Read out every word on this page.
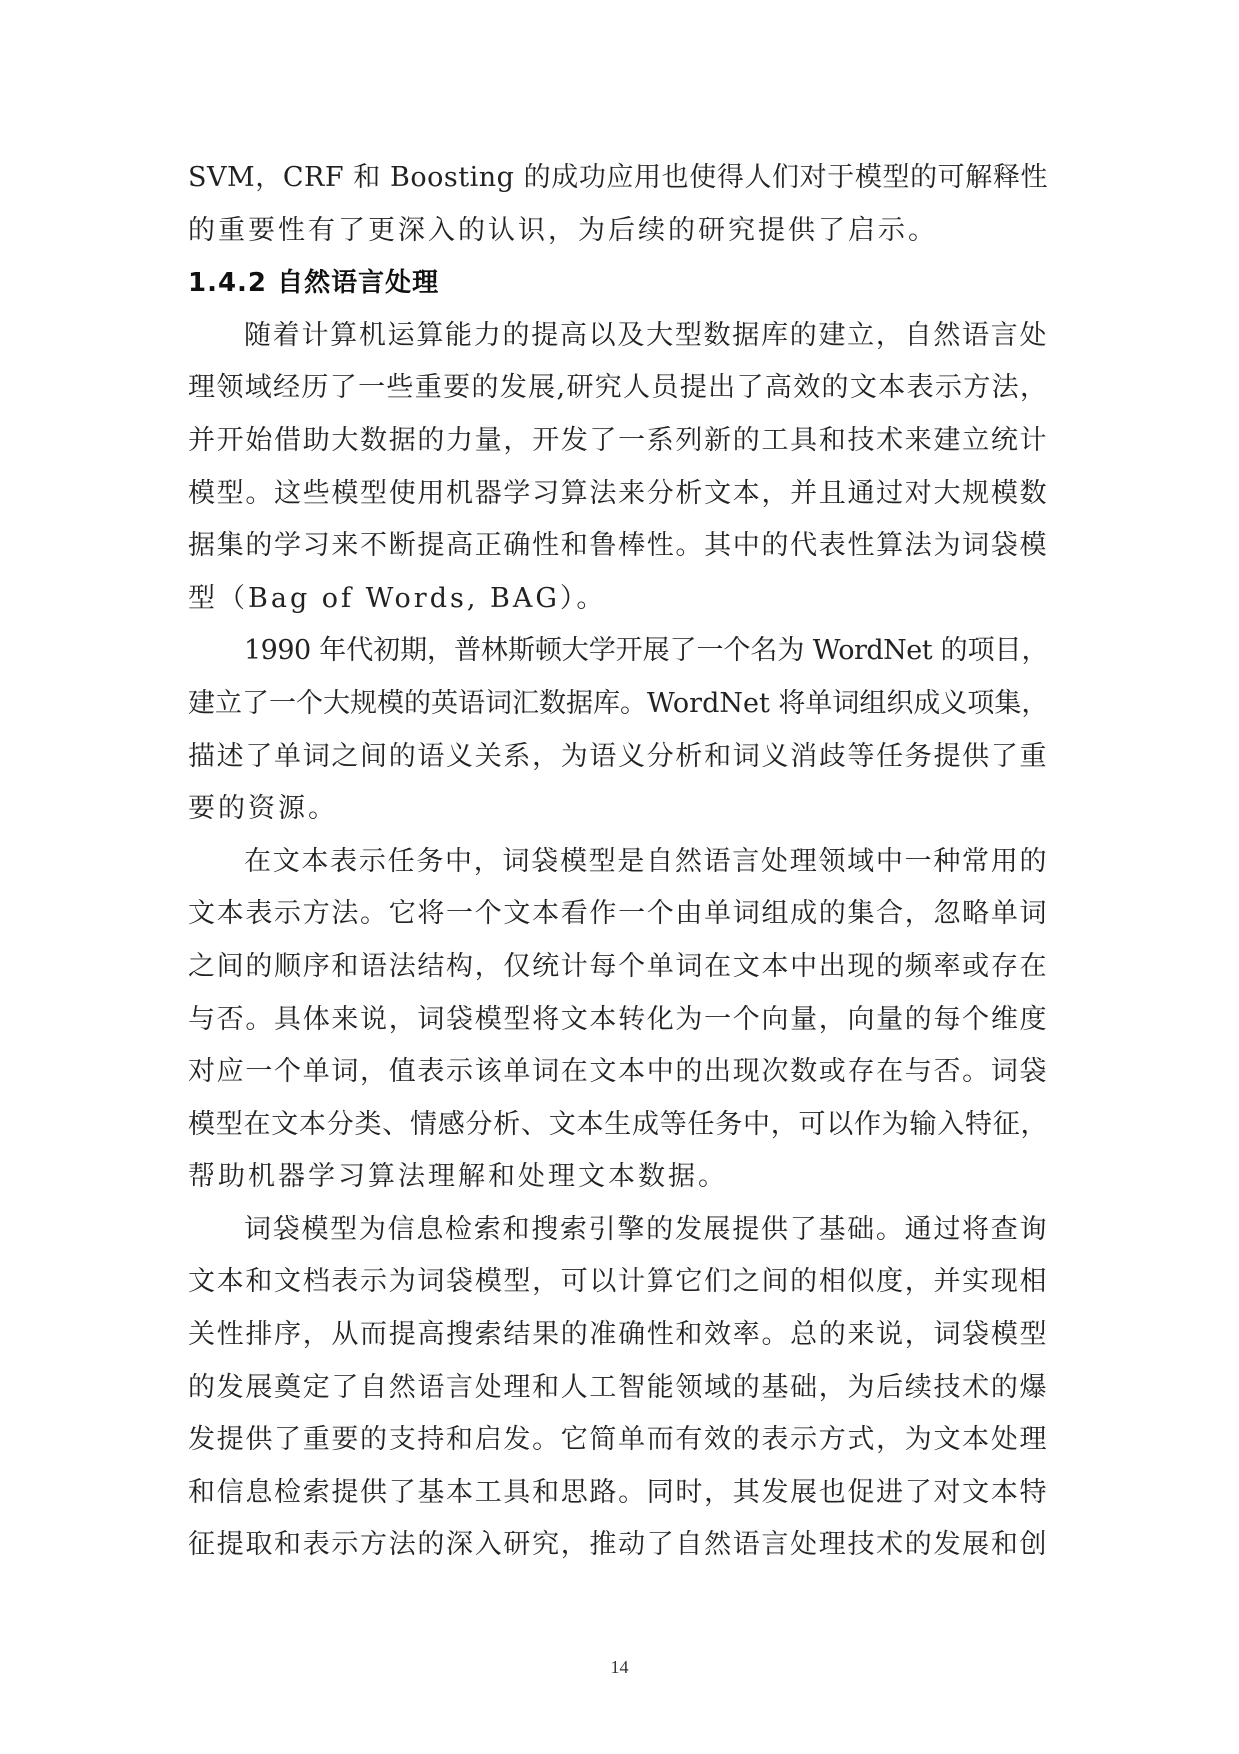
SVM，CRF 和 Boosting 的成功应用也使得人们对于模型的可解释性
的重要性有了更深入的认识，为后续的研究提供了启示。
1.4.2 自然语言处理
随着计算机运算能力的提高以及大型数据库的建立，自然语言处
理领域经历了一些重要的发展,研究人员提出了高效的文本表示方法，
并开始借助大数据的力量，开发了一系列新的工具和技术来建立统计
模型。这些模型使用机器学习算法来分析文本，并且通过对大规模数
据集的学习来不断提高正确性和鲁棒性。其中的代表性算法为词袋模
型（Bag of Words, BAG）。
1990 年代初期，普林斯顿大学开展了一个名为 WordNet 的项目，
建立了一个大规模的英语词汇数据库。WordNet 将单词组织成义项集，
描述了单词之间的语义关系，为语义分析和词义消歧等任务提供了重
要的资源。
在文本表示任务中，词袋模型是自然语言处理领域中一种常用的
文本表示方法。它将一个文本看作一个由单词组成的集合，忽略单词
之间的顺序和语法结构，仅统计每个单词在文本中出现的频率或存在
与否。具体来说，词袋模型将文本转化为一个向量，向量的每个维度
对应一个单词，值表示该单词在文本中的出现次数或存在与否。词袋
模型在文本分类、情感分析、文本生成等任务中，可以作为输入特征，
帮助机器学习算法理解和处理文本数据。
词袋模型为信息检索和搜索引擎的发展提供了基础。通过将查询
文本和文档表示为词袋模型，可以计算它们之间的相似度，并实现相
关性排序，从而提高搜索结果的准确性和效率。总的来说，词袋模型
的发展奠定了自然语言处理和人工智能领域的基础，为后续技术的爆
发提供了重要的支持和启发。它简单而有效的表示方式，为文本处理
和信息检索提供了基本工具和思路。同时，其发展也促进了对文本特
征提取和表示方法的深入研究，推动了自然语言处理技术的发展和创
14
